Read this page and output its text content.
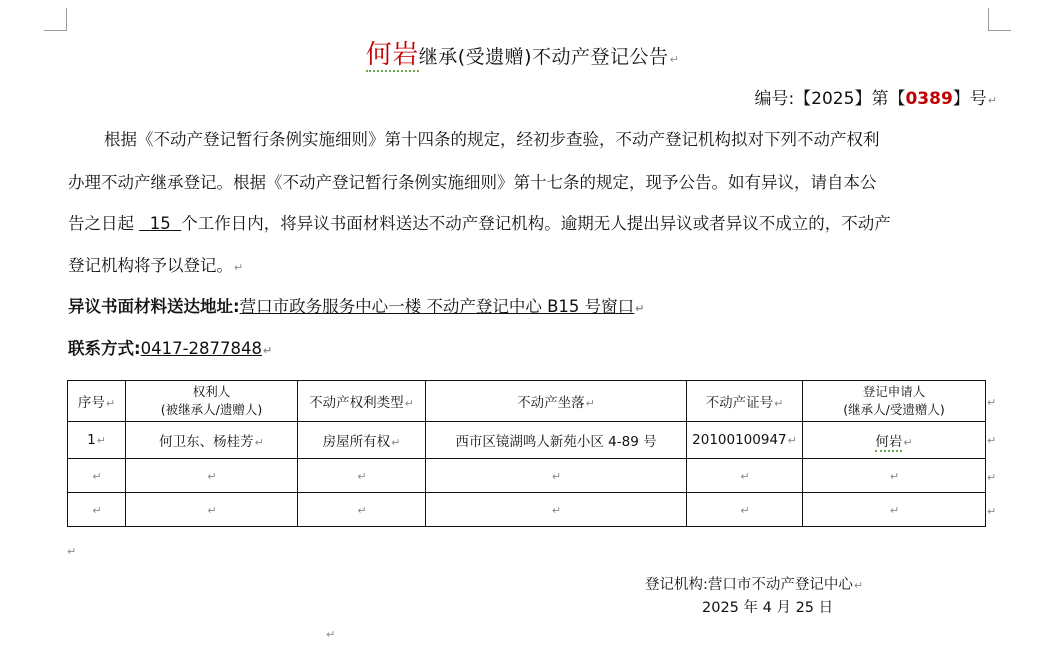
何岩继承(受遗赠)不动产登记公告↵
编号:【2025】第【0389】号↵
根据《不动产登记暂行条例实施细则》第十四条的规定，经初步查验，不动产登记机构拟对下列不动产权利
办理不动产继承登记。根据《不动产登记暂行条例实施细则》第十七条的规定，现予公告。如有异议，请自本公
告之日起 15 个工作日内，将异议书面材料送达不动产登记机构。逾期无人提出异议或者异议不成立的，不动产
登记机构将予以登记。↵
异议书面材料送达地址:营口市政务服务中心一楼 不动产登记中心 B15 号窗口↵
联系方式:0417-2877848↵
序号↵	权利人
(被继承人/遗赠人)	不动产权利类型↵	不动产坐落↵	不动产证号↵	登记申请人
(继承人/受遗赠人)

1↵	何卫东、杨桂芳↵	房屋所有权↵	西市区镜湖鸣人新苑小区 4-89 号	20100100947↵	何岩↵
↵	↵	↵	↵	↵	↵
↵	↵	↵	↵	↵	↵
↵
↵
↵
↵
↵
登记机构:营口市不动产登记中心↵
2025 年 4 月 25 日
↵
